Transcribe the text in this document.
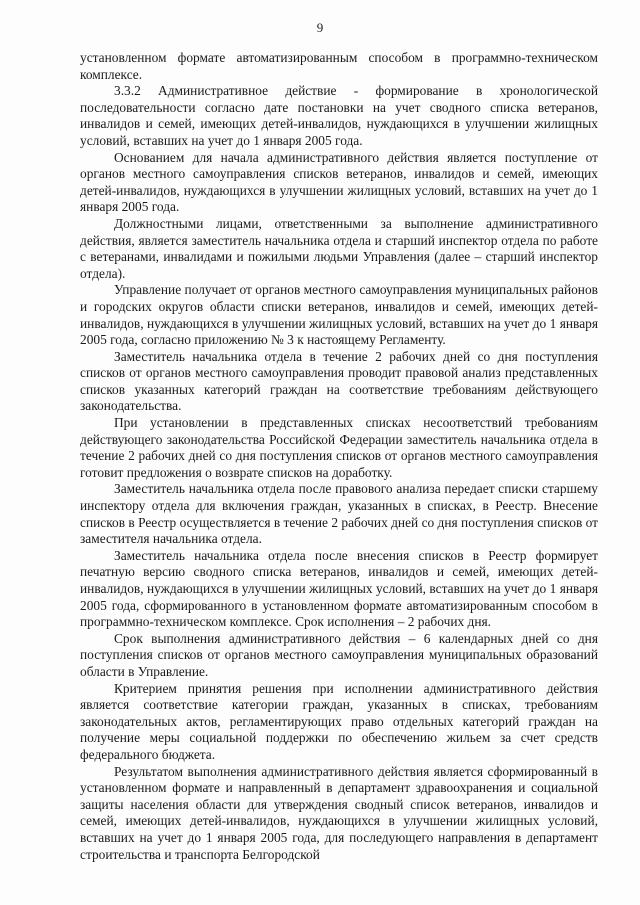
9

установленном формате автоматизированным способом в программно-техническом комплексе.

3.3.2 Административное действие - формирование в хронологической последовательности согласно дате постановки на учет сводного списка ветеранов, инвалидов и семей, имеющих детей-инвалидов, нуждающихся в улучшении жилищных условий, вставших на учет до 1 января 2005 года.

Основанием для начала административного действия является поступление от органов местного самоуправления списков ветеранов, инвалидов и семей, имеющих детей-инвалидов, нуждающихся в улучшении жилищных условий, вставших на учет до 1 января 2005 года.

Должностными лицами, ответственными за выполнение административного действия, является заместитель начальника отдела и старший инспектор отдела по работе с ветеранами, инвалидами и пожилыми людьми Управления (далее – старший инспектор отдела).

Управление получает от органов местного самоуправления муниципальных районов и городских округов области списки ветеранов, инвалидов и семей, имеющих детей-инвалидов, нуждающихся в улучшении жилищных условий, вставших на учет до 1 января 2005 года, согласно приложению № 3 к настоящему Регламенту.

Заместитель начальника отдела в течение 2 рабочих дней со дня поступления списков от органов местного самоуправления проводит правовой анализ представленных списков указанных категорий граждан на соответствие требованиям действующего законодательства.

При установлении в представленных списках несоответствий требованиям действующего законодательства Российской Федерации заместитель начальника отдела в течение 2 рабочих дней со дня поступления списков от органов местного самоуправления готовит предложения о возврате списков на доработку.

Заместитель начальника отдела после правового анализа передает списки старшему инспектору отдела для включения граждан, указанных в списках, в Реестр. Внесение списков в Реестр осуществляется в течение 2 рабочих дней со дня поступления списков от заместителя начальника отдела.

Заместитель начальника отдела после внесения списков в Реестр формирует печатную версию сводного списка ветеранов, инвалидов и семей, имеющих детей-инвалидов, нуждающихся в улучшении жилищных условий, вставших на учет до 1 января 2005 года, сформированного в установленном формате автоматизированным способом в программно-техническом комплексе. Срок исполнения – 2 рабочих дня.

Срок выполнения административного действия – 6 календарных дней со дня поступления списков от органов местного самоуправления муниципальных образований области в Управление.

Критерием принятия решения при исполнении административного действия является соответствие категории граждан, указанных в списках, требованиям законодательных актов, регламентирующих право отдельных категорий граждан на получение меры социальной поддержки по обеспечению жильем за счет средств федерального бюджета.

Результатом выполнения административного действия является сформированный в установленном формате и направленный в департамент здравоохранения и социальной защиты населения области для утверждения сводный список ветеранов, инвалидов и семей, имеющих детей-инвалидов, нуждающихся в улучшении жилищных условий, вставших на учет до 1 января 2005 года, для последующего направления в департамент строительства и транспорта Белгородской
